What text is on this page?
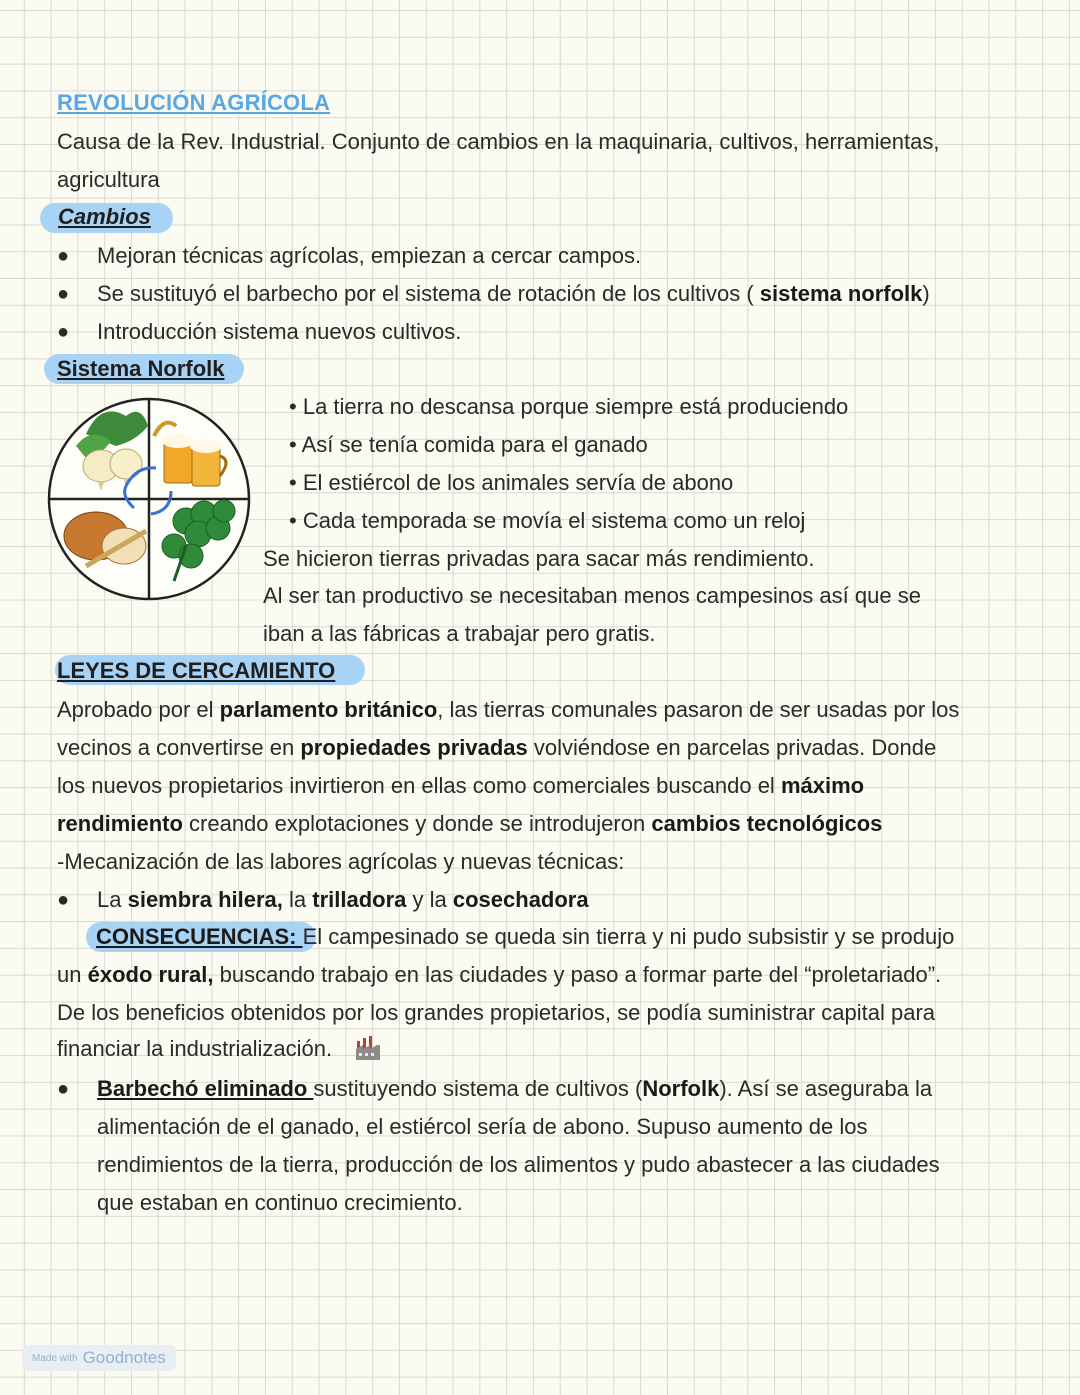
REVOLUCIÓN AGRÍCOLA
Causa de la Rev. Industrial. Conjunto de cambios en la maquinaria, cultivos, herramientas,
agricultura
Cambios
● Mejoran técnicas agrícolas, empiezan a cercar campos.
● Se sustituyó el barbecho por el sistema de rotación de los cultivos ( sistema norfolk)
● Introducción sistema nuevos cultivos.
Sistema Norfolk
• La tierra no descansa porque siempre está produciendo
• Así se tenía comida para el ganado
• El estiércol de los animales servía de abono
• Cada temporada se movía el sistema como un reloj
Se hicieron tierras privadas para sacar más rendimiento.
Al ser tan productivo se necesitaban menos campesinos así que se
iban a las fábricas a trabajar pero gratis.
LEYES DE CERCAMIENTO
Aprobado por el parlamento británico, las tierras comunales pasaron de ser usadas por los
vecinos a convertirse en propiedades privadas volviéndose en parcelas privadas. Donde
los nuevos propietarios invirtieron en ellas como comerciales buscando el máximo
rendimiento creando explotaciones y donde se introdujeron cambios tecnológicos
-Mecanización de las labores agrícolas y nuevas técnicas:
● La siembra hilera, la trilladora y la cosechadora
CONSECUENCIAS: El campesinado se queda sin tierra y ni pudo subsistir y se produjo
un éxodo rural, buscando trabajo en las ciudades y paso a formar parte del “proletariado”.
De los beneficios obtenidos por los grandes propietarios, se podía suministrar capital para
financiar la industrialización.
● Barbechó eliminado sustituyendo sistema de cultivos (Norfolk). Así se aseguraba la
alimentación de el ganado, el estiércol sería de abono. Supuso aumento de los
rendimientos de la tierra, producción de los alimentos y pudo abastecer a las ciudades
que estaban en continuo crecimiento.
Made with Goodnotes
